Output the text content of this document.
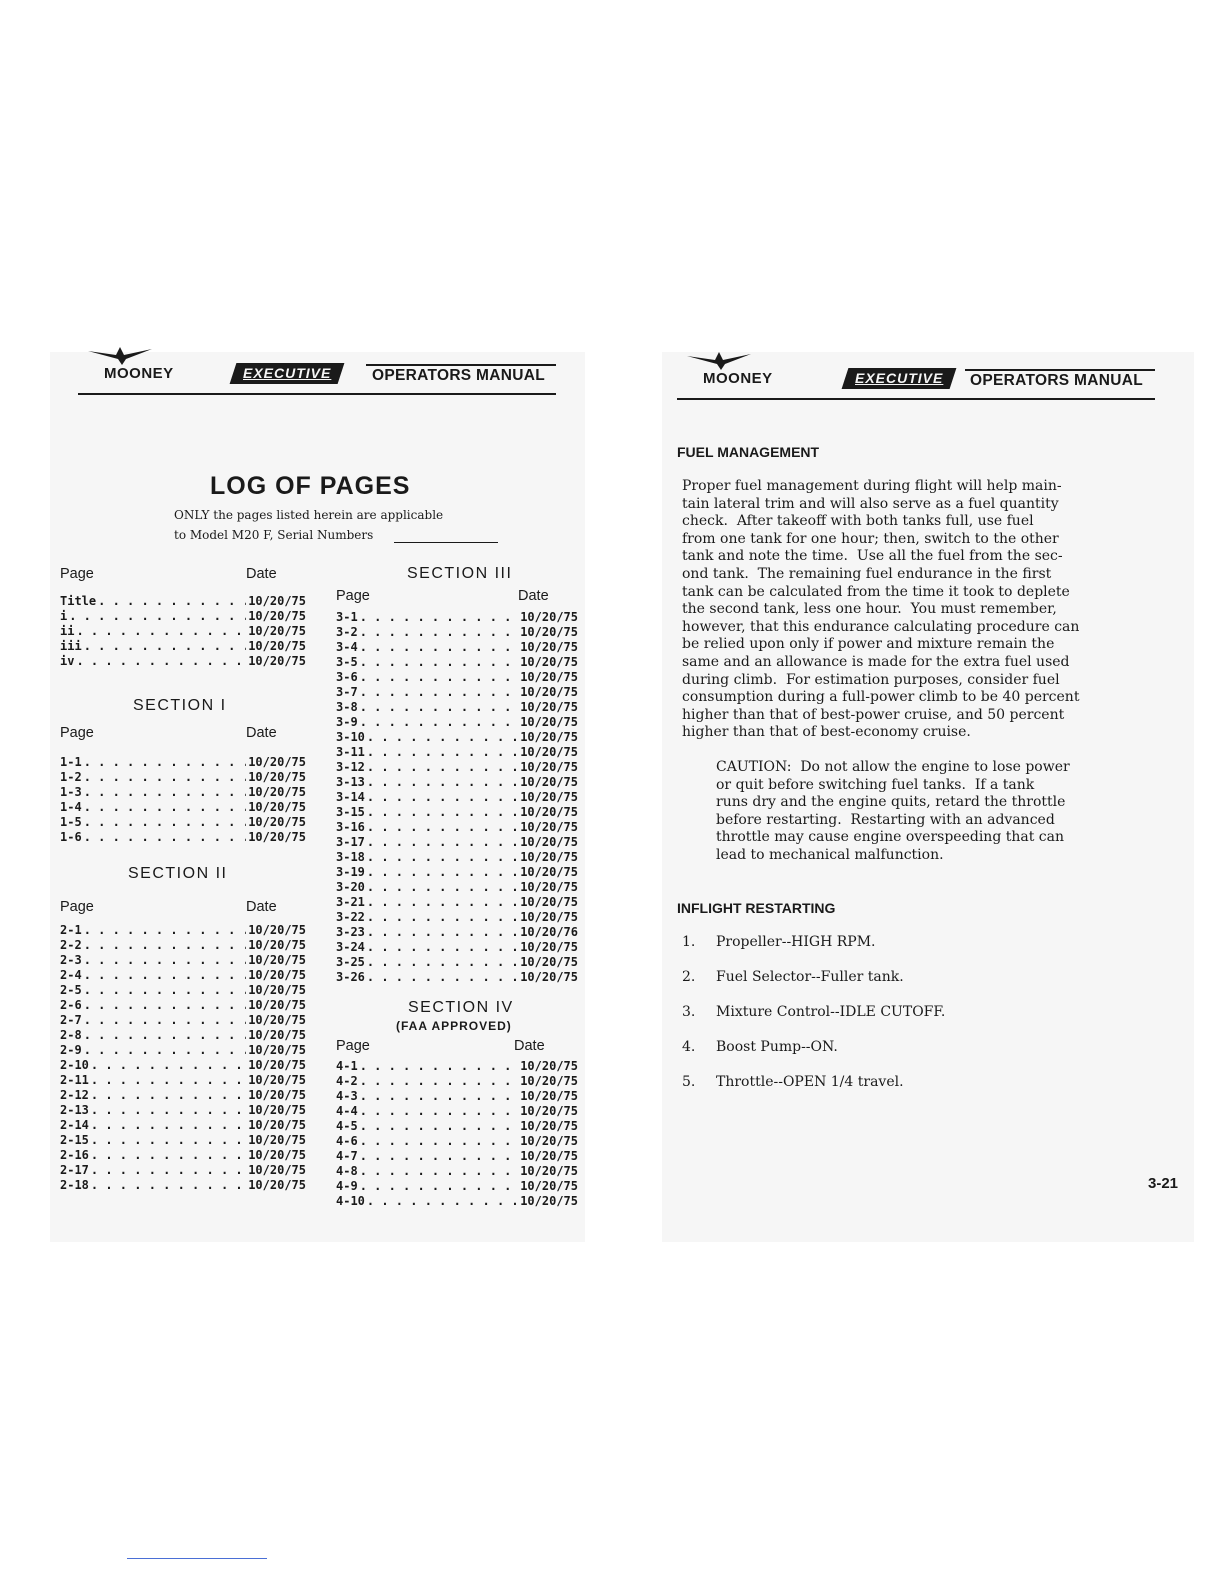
MOONEY	EXECUTIVE	OPERATORS MANUAL	MOONEY	EXECUTIVE	OPERATORS MANUAL
LOG OF PAGES
ONLY the pages listed herein are applicable
to Model M20 F, Serial Numbers
Page	Date
Title . . .	10/20/75
i . . .	10/20/75
ii . . .	10/20/75
iii . . .	10/20/75
iv . . .	10/20/75
SECTION I
Page	Date
1-1 . . .	10/20/75
1-2 . . .	10/20/75
1-3 . . .	10/20/75
1-4 . . .	10/20/75
1-5 . . .	10/20/75
1-6 . . .	10/20/75
SECTION II
Page	Date
2-1 . . .	10/20/75
2-2 . . .	10/20/75
2-3 . . .	10/20/75
2-4 . . .	10/20/75
2-5 . . .	10/20/75
2-6 . . .	10/20/75
2-7 . . .	10/20/75
2-8 . . .	10/20/75
2-9 . . .	10/20/75
2-10 . . .	10/20/75
2-11 . . .	10/20/75
2-12 . . .	10/20/75
2-13 . . .	10/20/75
2-14 . . .	10/20/75
2-15 . . .	10/20/75
2-16 . . .	10/20/75
2-17 . . .	10/20/75
2-18 . . .	10/20/75
SECTION III
Page	Date
3-1 . . .	10/20/75
3-2 . . .	10/20/75
3-4 . . .	10/20/75
3-5 . . .	10/20/75
3-6 . . .	10/20/75
3-7 . . .	10/20/75
3-8 . . .	10/20/75
3-9 . . .	10/20/75
3-10 . . .	10/20/75
3-11 . . .	10/20/75
3-12 . . .	10/20/75
3-13 . . .	10/20/75
3-14 . . .	10/20/75
3-15 . . .	10/20/75
3-16 . . .	10/20/75
3-17 . . .	10/20/75
3-18 . . .	10/20/75
3-19 . . .	10/20/75
3-20 . . .	10/20/75
3-21 . . .	10/20/75
3-22 . . .	10/20/75
3-23 . . .	10/20/76
3-24 . . .	10/20/75
3-25 . . .	10/20/75
3-26 . . .	10/20/75
SECTION IV
(FAA APPROVED)
Page	Date
4-1 . . .	10/20/75
4-2 . . .	10/20/75
4-3 . . .	10/20/75
4-4 . . .	10/20/75
4-5 . . .	10/20/75
4-6 . . .	10/20/75
4-7 . . .	10/20/75
4-8 . . .	10/20/75
4-9 . . .	10/20/75
4-10 . . .	10/20/75
FUEL MANAGEMENT
Proper fuel management during flight will help main-
tain lateral trim and will also serve as a fuel quantity
check.  After takeoff with both tanks full, use fuel
from one tank for one hour; then, switch to the other
tank and note the time.  Use all the fuel from the sec-
ond tank.  The remaining fuel endurance in the first
tank can be calculated from the time it took to deplete
the second tank, less one hour.  You must remember,
however, that this endurance calculating procedure can
be relied upon only if power and mixture remain the
same and an allowance is made for the extra fuel used
during climb.  For estimation purposes, consider fuel
consumption during a full-power climb to be 40 percent
higher than that of best-power cruise, and 50 percent
higher than that of best-economy cruise.
CAUTION:  Do not allow the engine to lose power
or quit before switching fuel tanks.  If a tank
runs dry and the engine quits, retard the throttle
before restarting.  Restarting with an advanced
throttle may cause engine overspeeding that can
lead to mechanical malfunction.
INFLIGHT RESTARTING
1.	Propeller--HIGH RPM.
2.	Fuel Selector--Fuller tank.
3.	Mixture Control--IDLE CUTOFF.
4.	Boost Pump--ON.
5.	Throttle--OPEN 1/4 travel.
3-21
